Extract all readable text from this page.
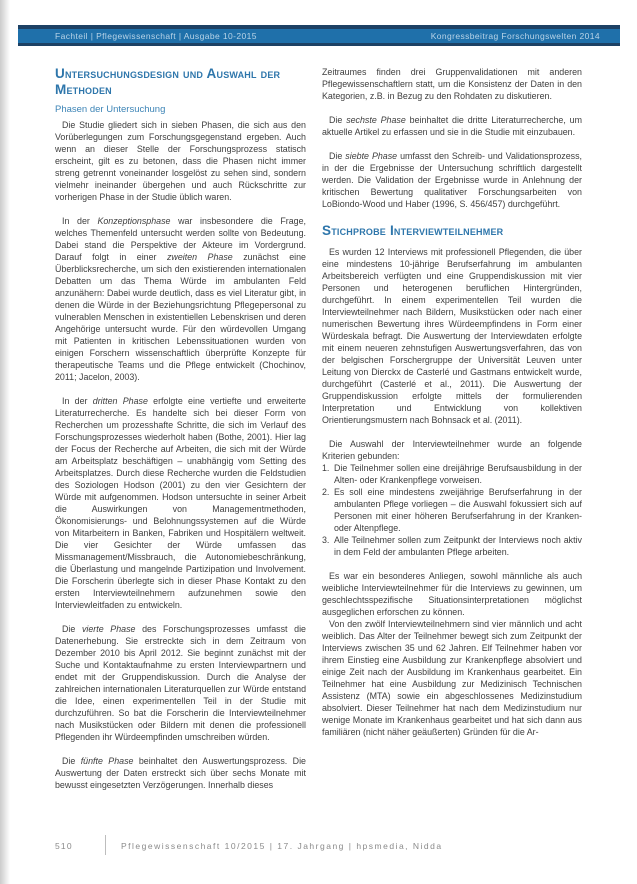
Fachteil | Pflegewissenschaft | Ausgabe 10-2015	Kongressbeitrag Forschungswelten 2014
Untersuchungsdesign und Auswahl der Methoden
Phasen der Untersuchung

Die Studie gliedert sich in sieben Phasen, die sich aus den Vorüberlegungen zum Forschungsgegenstand ergeben. Auch wenn an dieser Stelle der Forschungsprozess statisch erscheint, gilt es zu betonen, dass die Phasen nicht immer streng getrennt voneinander losgelöst zu sehen sind, sondern vielmehr ineinander übergehen und auch Rückschritte zur vorherigen Phase in der Studie üblich waren.

In der Konzeptionsphase war insbesondere die Frage, welches Themenfeld untersucht werden sollte von Bedeutung. Dabei stand die Perspektive der Akteure im Vordergrund. Darauf folgt in einer zweiten Phase zunächst eine Überblicksrecherche, um sich den existierenden internationalen Debatten um das Thema Würde im ambulanten Feld anzunähern: Dabei wurde deutlich, dass es viel Literatur gibt, in denen die Würde in der Beziehungsrichtung Pflegepersonal zu vulnerablen Menschen in existentiellen Lebenskrisen und deren Angehörige untersucht wurde. Für den würdevollen Umgang mit Patienten in kritischen Lebenssituationen wurden von einigen Forschern wissenschaftlich überprüfte Konzepte für therapeutische Teams und die Pflege entwickelt (Chochinov, 2011; Jacelon, 2003).

In der dritten Phase erfolgte eine vertiefte und erweiterte Literaturrecherche. Es handelte sich bei dieser Form von Recherchen um prozesshafte Schritte, die sich im Verlauf des Forschungsprozesses wiederholt haben (Bothe, 2001). Hier lag der Focus der Recherche auf Arbeiten, die sich mit der Würde am Arbeitsplatz beschäftigen – unabhängig vom Setting des Arbeitsplatzes. Durch diese Recherche wurden die Feldstudien des Soziologen Hodson (2001) zu den vier Gesichtern der Würde mit aufgenommen. Hodson untersuchte in seiner Arbeit die Auswirkungen von Managementmethoden, Ökonomisierungs- und Belohnungssystemen auf die Würde von Mitarbeitern in Banken, Fabriken und Hospitälern weltweit. Die vier Gesichter der Würde umfassen das Missmanagement/Missbrauch, die Autonomiebeschränkung, die Überlastung und mangelnde Partizipation und Involvement. Die Forscherin überlegte sich in dieser Phase Kontakt zu den ersten Interviewteilnehmern aufzunehmen sowie den Interviewleitfaden zu entwickeln.

Die vierte Phase des Forschungsprozesses umfasst die Datenerhebung. Sie erstreckte sich in dem Zeitraum von Dezember 2010 bis April 2012. Sie beginnt zunächst mit der Suche und Kontaktaufnahme zu ersten Interviewpartnern und endet mit der Gruppendiskussion. Durch die Analyse der zahlreichen internationalen Literaturquellen zur Würde entstand die Idee, einen experimentellen Teil in der Studie mit durchzuführen. So bat die Forscherin die Interviewteilnehmer nach Musikstücken oder Bildern mit denen die professionell Pflegenden ihr Würdeempfinden umschreiben würden.

Die fünfte Phase beinhaltet den Auswertungsprozess. Die Auswertung der Daten erstreckt sich über sechs Monate mit bewusst eingesetzten Verzögerungen. Innerhalb dieses

Zeitraumes finden drei Gruppenvalidationen mit anderen Pflegewissenschaftlern statt, um die Konsistenz der Daten in den Kategorien, z.B. in Bezug zu den Rohdaten zu diskutieren.

Die sechste Phase beinhaltet die dritte Literaturrecherche, um aktuelle Artikel zu erfassen und sie in die Studie mit einzubauen.

Die siebte Phase umfasst den Schreib- und Validationsprozess, in der die Ergebnisse der Untersuchung schriftlich dargestellt werden. Die Validation der Ergebnisse wurde in Anlehnung der kritischen Bewertung qualitativer Forschungsarbeiten von LoBiondo-Wood und Haber (1996, S. 456/457) durchgeführt.

Stichprobe Interviewteilnehmer

Es wurden 12 Interviews mit professionell Pflegenden, die über eine mindestens 10-jährige Berufserfahrung im ambulanten Arbeitsbereich verfügten und eine Gruppendiskussion mit vier Personen und heterogenen beruflichen Hintergründen, durchgeführt. In einem experimentellen Teil wurden die Interviewteilnehmer nach Bildern, Musikstücken oder nach einer numerischen Bewertung ihres Würdeempfindens in Form einer Würdeskala befragt. Die Auswertung der Interviewdaten erfolgte mit einem neueren zehnstufigen Auswertungsverfahren, das von der belgischen Forschergruppe der Universität Leuven unter Leitung von Dierckx de Casterlé und Gastmans entwickelt wurde, durchgeführt (Casterlé et al., 2011). Die Auswertung der Gruppendiskussion erfolgte mittels der formulierenden Interpretation und Entwicklung von kollektiven Orientierungsmustern nach Bohnsack et al. (2011).

Die Auswahl der Interviewteilnehmer wurde an folgende Kriterien gebunden:

1. Die Teilnehmer sollen eine dreijährige Berufsausbildung in der Alten- oder Krankenpflege vorweisen.
2. Es soll eine mindestens zweijährige Berufserfahrung in der ambulanten Pflege vorliegen – die Auswahl fokussiert sich auf Personen mit einer höheren Berufserfahrung in der Kranken- oder Altenpflege.
3. Alle Teilnehmer sollen zum Zeitpunkt der Interviews noch aktiv in dem Feld der ambulanten Pflege arbeiten.

Es war ein besonderes Anliegen, sowohl männliche als auch weibliche Interviewteilnehmer für die Interviews zu gewinnen, um geschlechtsspezifische Situationsinterpretationen möglichst ausgeglichen erforschen zu können.

Von den zwölf Interviewteilnehmern sind vier männlich und acht weiblich. Das Alter der Teilnehmer bewegt sich zum Zeitpunkt der Interviews zwischen 35 und 62 Jahren. Elf Teilnehmer haben vor ihrem Einstieg eine Ausbildung zur Krankenpflege absolviert und einige Zeit nach der Ausbildung im Krankenhaus gearbeitet. Ein Teilnehmer hat eine Ausbildung zur Medizinisch Technischen Assistenz (MTA) sowie ein abgeschlossenes Medizinstudium absolviert. Dieser Teilnehmer hat nach dem Medizinstudium nur wenige Monate im Krankenhaus gearbeitet und hat sich dann aus familiären (nicht näher geäußerten) Gründen für die Ar-

510	Pflegewissenschaft 10/2015 | 17. Jahrgang | hpsmedia, Nidda
